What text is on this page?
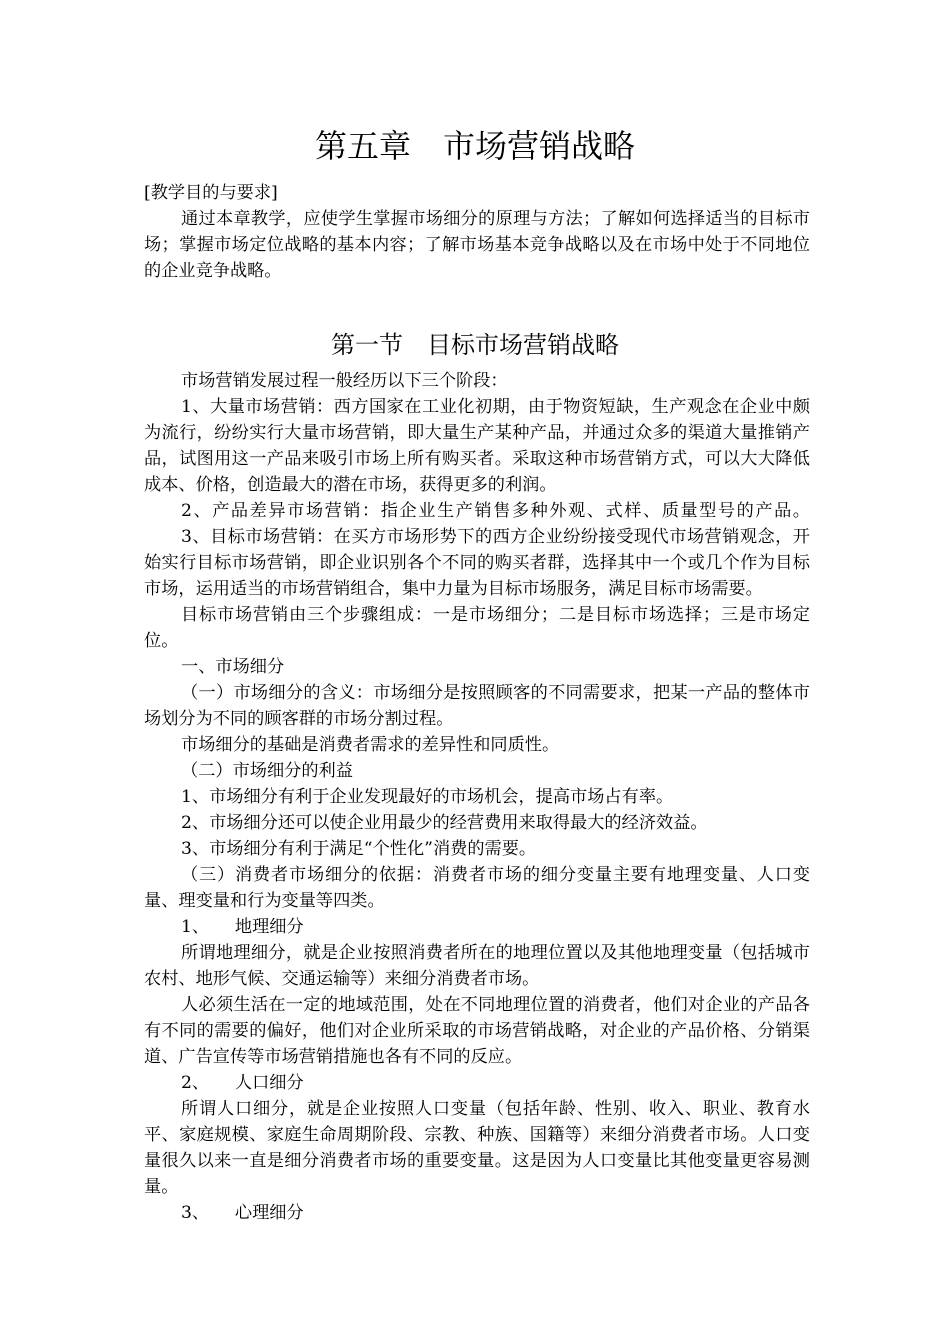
第五章　市场营销战略
[教学目的与要求]

通过本章教学，应使学生掌握市场细分的原理与方法；了解如何选择适当的目标市场；掌握市场定位战略的基本内容；了解市场基本竞争战略以及在市场中处于不同地位的企业竞争战略。

第一节　目标市场营销战略

市场营销发展过程一般经历以下三个阶段：

1、大量市场营销：西方国家在工业化初期，由于物资短缺，生产观念在企业中颇为流行，纷纷实行大量市场营销，即大量生产某种产品，并通过众多的渠道大量推销产品，试图用这一产品来吸引市场上所有购买者。采取这种市场营销方式，可以大大降低成本、价格，创造最大的潜在市场，获得更多的利润。

2、产品差异市场营销：指企业生产销售多种外观、式样、质量型号的产品。

3、目标市场营销：在买方市场形势下的西方企业纷纷接受现代市场营销观念，开始实行目标市场营销，即企业识别各个不同的购买者群，选择其中一个或几个作为目标市场，运用适当的市场营销组合，集中力量为目标市场服务，满足目标市场需要。

目标市场营销由三个步骤组成：一是市场细分；二是目标市场选择；三是市场定位。

一、市场细分

（一）市场细分的含义：市场细分是按照顾客的不同需要求，把某一产品的整体市场划分为不同的顾客群的市场分割过程。

市场细分的基础是消费者需求的差异性和同质性。

（二）市场细分的利益

1、市场细分有利于企业发现最好的市场机会，提高市场占有率。

2、市场细分还可以使企业用最少的经营费用来取得最大的经济效益。

3、市场细分有利于满足“个性化”消费的需要。

（三）消费者市场细分的依据：消费者市场的细分变量主要有地理变量、人口变量、理变量和行为变量等四类。

1、　　地理细分

所谓地理细分，就是企业按照消费者所在的地理位置以及其他地理变量（包括城市农村、地形气候、交通运输等）来细分消费者市场。

人必须生活在一定的地域范围，处在不同地理位置的消费者，他们对企业的产品各有不同的需要的偏好，他们对企业所采取的市场营销战略，对企业的产品价格、分销渠道、广告宣传等市场营销措施也各有不同的反应。

2、　　人口细分

所谓人口细分，就是企业按照人口变量（包括年龄、性别、收入、职业、教育水平、家庭规模、家庭生命周期阶段、宗教、种族、国籍等）来细分消费者市场。人口变量很久以来一直是细分消费者市场的重要变量。这是因为人口变量比其他变量更容易测量。

3、　　心理细分
